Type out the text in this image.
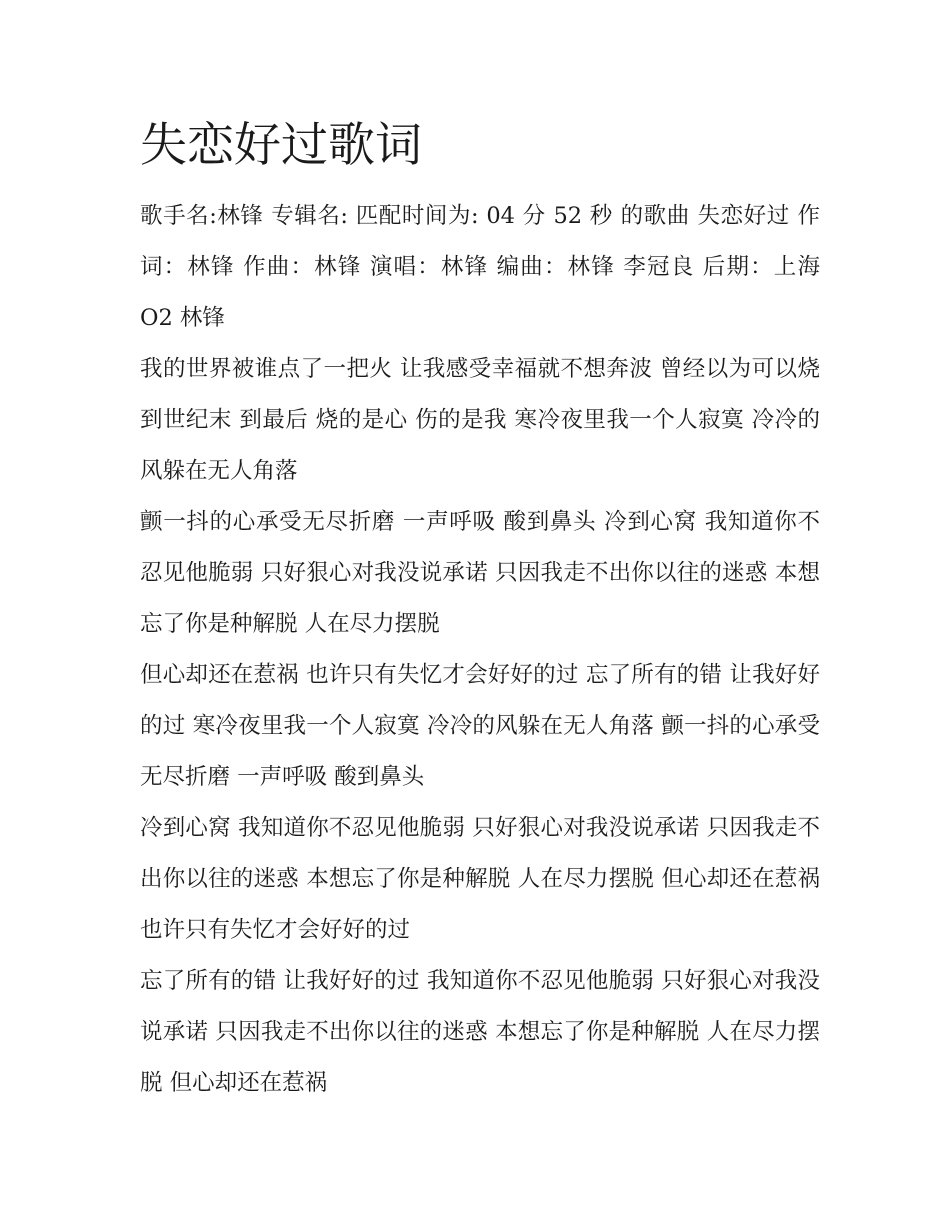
失恋好过歌词

歌手名:林锋 专辑名: 匹配时间为: 04 分 52 秒 的歌曲 失恋好过 作词：林锋 作曲：林锋 演唱：林锋 编曲：林锋 李冠良 后期：上海 O2 林锋

我的世界被谁点了一把火 让我感受幸福就不想奔波 曾经以为可以烧到世纪末 到最后 烧的是心 伤的是我 寒冷夜里我一个人寂寞 冷冷的风躲在无人角落

颤一抖的心承受无尽折磨 一声呼吸 酸到鼻头 冷到心窝 我知道你不忍见他脆弱 只好狠心对我没说承诺 只因我走不出你以往的迷惑 本想忘了你是种解脱 人在尽力摆脱

但心却还在惹祸 也许只有失忆才会好好的过 忘了所有的错 让我好好的过 寒冷夜里我一个人寂寞 冷冷的风躲在无人角落 颤一抖的心承受无尽折磨 一声呼吸 酸到鼻头

冷到心窝 我知道你不忍见他脆弱 只好狠心对我没说承诺 只因我走不出你以往的迷惑 本想忘了你是种解脱 人在尽力摆脱 但心却还在惹祸 也许只有失忆才会好好的过

忘了所有的错 让我好好的过 我知道你不忍见他脆弱 只好狠心对我没说承诺 只因我走不出你以往的迷惑 本想忘了你是种解脱 人在尽力摆脱 但心却还在惹祸
